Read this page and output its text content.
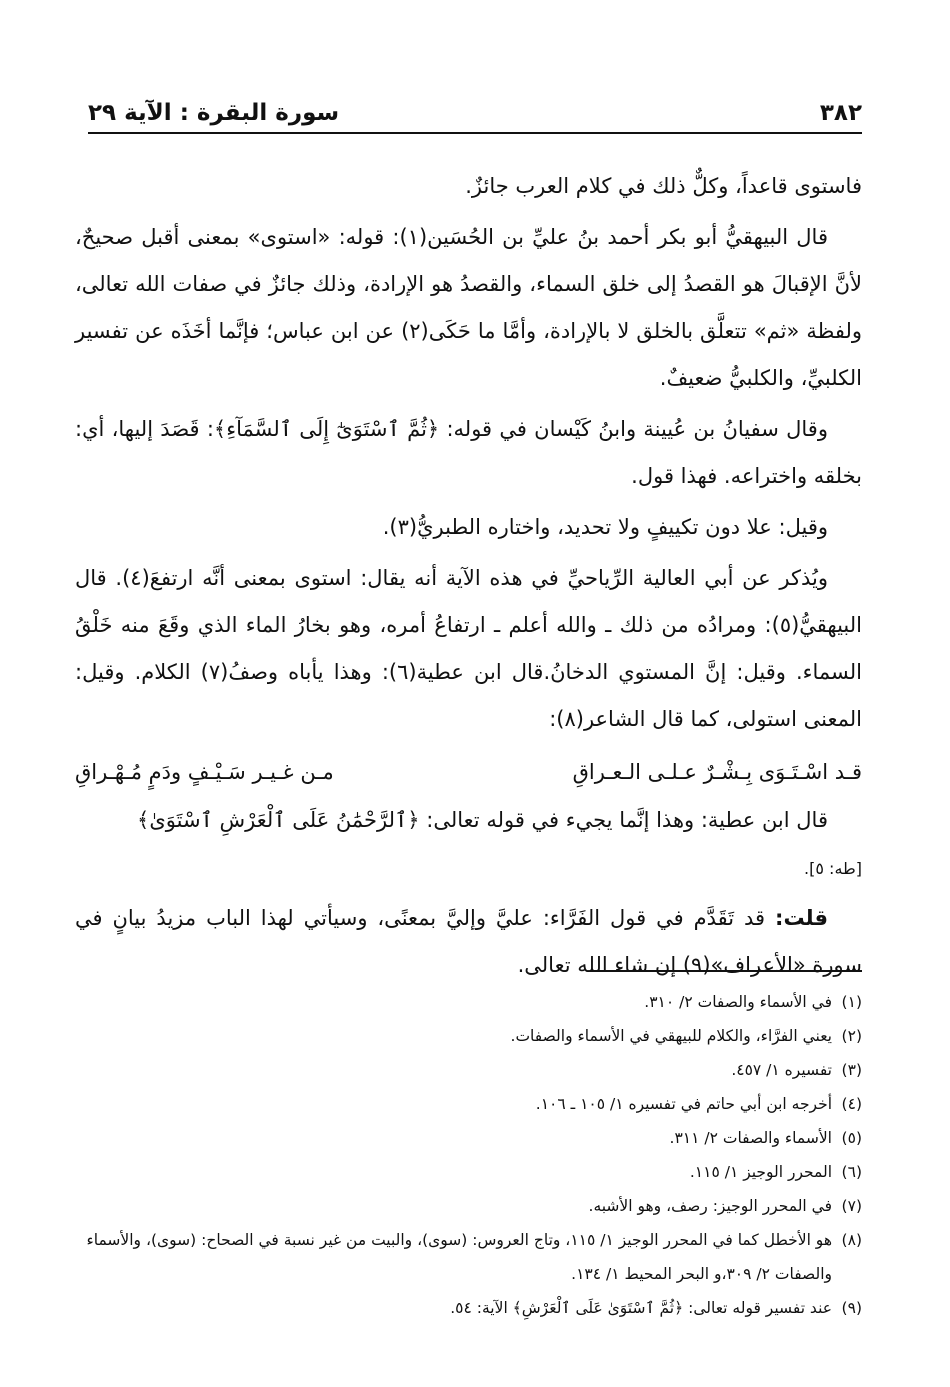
٣٨٢
سورة البقرة : الآية ٢٩

فاستوى قاعداً، وكلٌّ ذلك في كلام العرب جائزٌ.

قال البيهقيُّ أبو بكر أحمد بنُ عليِّ بن الحُسَين(١): قوله: «استوى» بمعنى أقبل صحيحٌ، لأنَّ الإقبالَ هو القصدُ إلى خلق السماء، والقصدُ هو الإرادة، وذلك جائزٌ في صفات الله تعالى، ولفظة «ثم» تتعلَّق بالخلق لا بالإرادة، وأمَّا ما حَكَى(٢) عن ابن عباس؛ فإنَّما أخَذَه عن تفسير الكلبيِّ، والكلبيُّ ضعيفٌ.

وقال سفيانُ بن عُيينة وابنُ كَيْسان في قوله: ﴿ثُمَّ ٱسْتَوَىٰٓ إِلَى ٱلسَّمَآءِ﴾: قَصَدَ إليها، أي: بخلقه واختراعه. فهذا قول.

وقيل: علا دون تكييفٍ ولا تحديد، واختاره الطبريُّ(٣).

ويُذكر عن أبي العالية الرِّياحيِّ في هذه الآية أنه يقال: استوى بمعنى أنَّه ارتفعَ(٤). قال البيهقيُّ(٥): ومرادُه من ذلك ـ والله أعلم ـ ارتفاعُ أمره، وهو بخارُ الماء الذي وقَعَ منه خَلْقُ السماء. وقيل: إنَّ المستوي الدخانُ.قال ابن عطية(٦): وهذا يأباه وصفُ(٧) الكلام. وقيل: المعنى استولى، كما قال الشاعر(٨):

قـد اسْـتَـوَى بِـشْـرٌ عـلـى الـعـراقِ
مـن غـيـر سَـيْـفٍ ودَمٍ مُـهْـراقِ

قال ابن عطية: وهذا إنَّما يجيء في قوله تعالى: ﴿ٱلرَّحْمَٰنُ عَلَى ٱلْعَرْشِ ٱسْتَوَىٰ﴾
[طه: ٥].

قلت: قد تَقَدَّم في قول الفَرَّاء: عليَّ وإليَّ بمعنًى، وسيأتي لهذا الباب مزيدُ بيانٍ في سورة «الأعراف»(٩) إن شاء الله تعالى.

(١)
في الأسماء والصفات ٢/ ٣١٠.
(٢)
يعني الفرَّاء، والكلام للبيهقي في الأسماء والصفات.
(٣)
تفسيره ١/ ٤٥٧.
(٤)
أخرجه ابن أبي حاتم في تفسيره ١/ ١٠٥ ـ ١٠٦.
(٥)
الأسماء والصفات ٢/ ٣١١.
(٦)
المحرر الوجيز ١/ ١١٥.
(٧)
في المحرر الوجيز: رصف، وهو الأشبه.
(٨)
هو الأخطل كما في المحرر الوجيز ١/ ١١٥، وتاج العروس: (سوى)، والبيت من غير نسبة في الصحاح: (سوى)، والأسماء والصفات ٢/ ٣٠٩،و البحر المحيط ١/ ١٣٤.
(٩)
عند تفسير قوله تعالى: ﴿ثُمَّ ٱسْتَوَىٰ عَلَى ٱلْعَرْشِ﴾ الآية: ٥٤.
